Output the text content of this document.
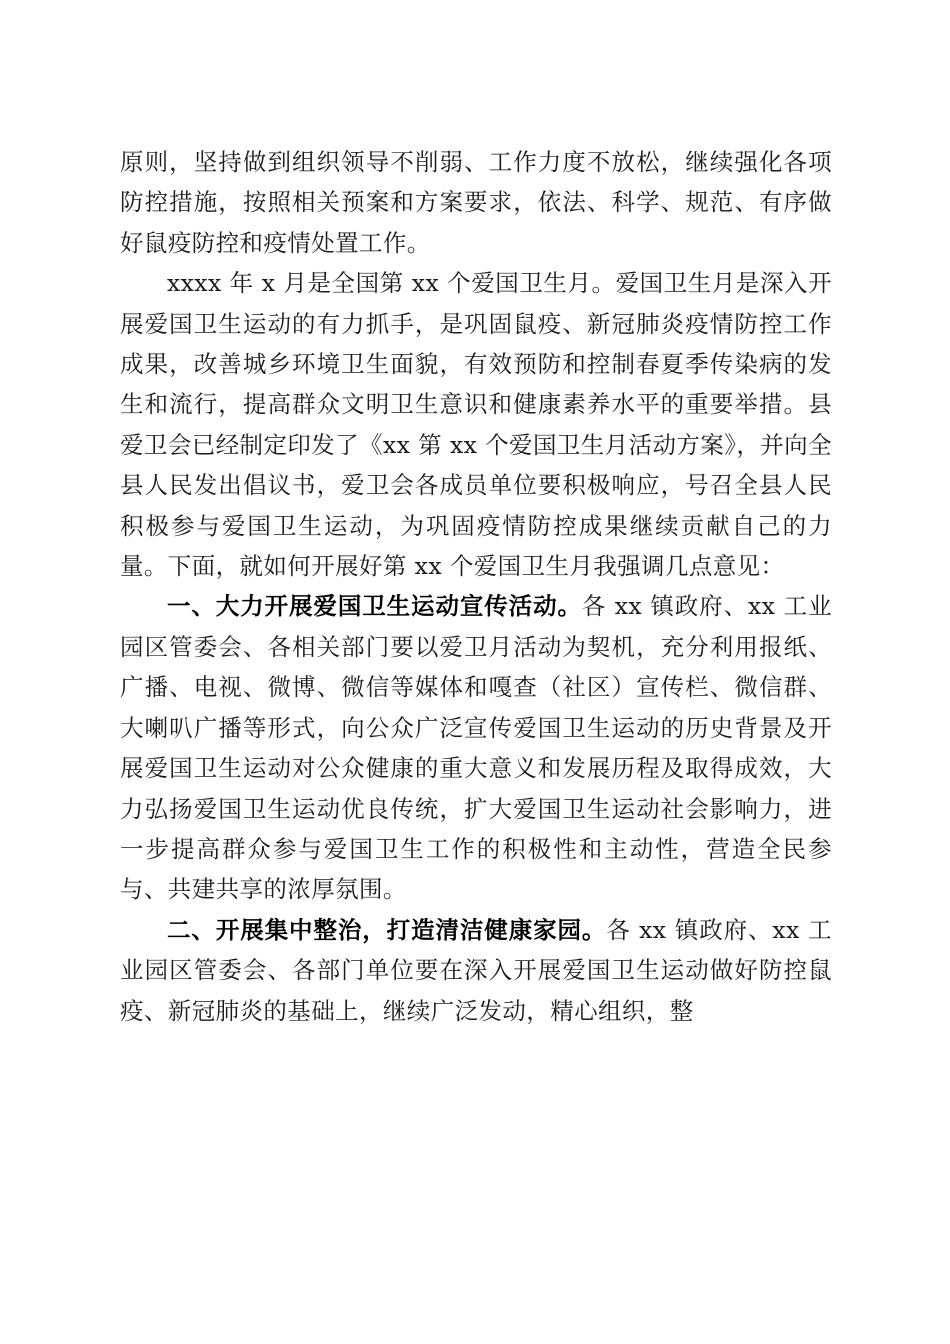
原则，坚持做到组织领导不削弱、工作力度不放松，继续强化各项防控措施，按照相关预案和方案要求，依法、科学、规范、有序做好鼠疫防控和疫情处置工作。

xxxx 年 x 月是全国第 xx 个爱国卫生月。爱国卫生月是深入开展爱国卫生运动的有力抓手，是巩固鼠疫、新冠肺炎疫情防控工作成果，改善城乡环境卫生面貌，有效预防和控制春夏季传染病的发生和流行，提高群众文明卫生意识和健康素养水平的重要举措。县爱卫会已经制定印发了《xx 第 xx 个爱国卫生月活动方案》，并向全县人民发出倡议书，爱卫会各成员单位要积极响应，号召全县人民积极参与爱国卫生运动，为巩固疫情防控成果继续贡献自己的力量。下面，就如何开展好第 xx 个爱国卫生月我强调几点意见：

一、大力开展爱国卫生运动宣传活动。各 xx 镇政府、xx 工业园区管委会、各相关部门要以爱卫月活动为契机，充分利用报纸、广播、电视、微博、微信等媒体和嘎查（社区）宣传栏、微信群、大喇叭广播等形式，向公众广泛宣传爱国卫生运动的历史背景及开展爱国卫生运动对公众健康的重大意义和发展历程及取得成效，大力弘扬爱国卫生运动优良传统，扩大爱国卫生运动社会影响力，进一步提高群众参与爱国卫生工作的积极性和主动性，营造全民参与、共建共享的浓厚氛围。

二、开展集中整治，打造清洁健康家园。各 xx 镇政府、xx 工业园区管委会、各部门单位要在深入开展爱国卫生运动做好防控鼠疫、新冠肺炎的基础上，继续广泛发动，精心组织，整
